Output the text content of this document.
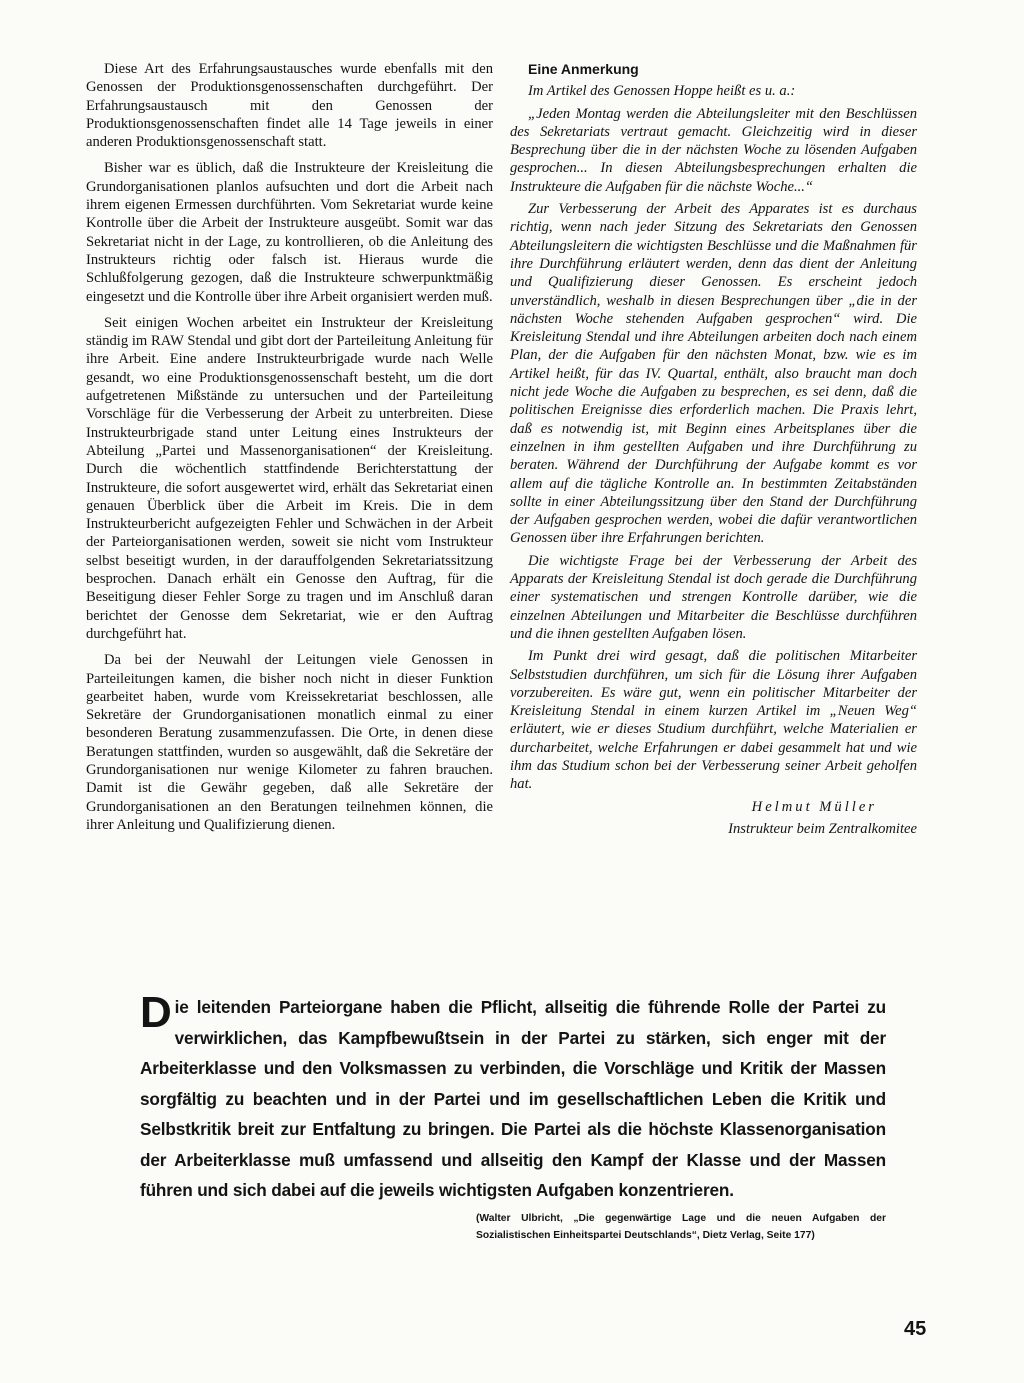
Diese Art des Erfahrungsaustausches wurde ebenfalls mit den Genossen der Produktionsgenossenschaften durchgeführt. Der Erfahrungsaustausch mit den Genossen der Produktionsgenossenschaften findet alle 14 Tage jeweils in einer anderen Produktionsgenossenschaft statt.

Bisher war es üblich, daß die Instrukteure der Kreisleitung die Grundorganisationen planlos aufsuchten und dort die Arbeit nach ihrem eigenen Ermessen durchführten. Vom Sekretariat wurde keine Kontrolle über die Arbeit der Instrukteure ausgeübt. Somit war das Sekretariat nicht in der Lage, zu kontrollieren, ob die Anleitung des Instrukteurs richtig oder falsch ist. Hieraus wurde die Schlußfolgerung gezogen, daß die Instrukteure schwerpunktmäßig eingesetzt und die Kontrolle über ihre Arbeit organisiert werden muß.

Seit einigen Wochen arbeitet ein Instrukteur der Kreisleitung ständig im RAW Stendal und gibt dort der Parteileitung Anleitung für ihre Arbeit. Eine andere Instrukteurbrigade wurde nach Welle gesandt, wo eine Produktionsgenossenschaft besteht, um die dort aufgetretenen Mißstände zu untersuchen und der Parteileitung Vorschläge für die Verbesserung der Arbeit zu unterbreiten. Diese Instrukteurbrigade stand unter Leitung eines Instrukteurs der Abteilung „Partei und Massenorganisationen“ der Kreisleitung. Durch die wöchentlich stattfindende Berichterstattung der Instrukteure, die sofort ausgewertet wird, erhält das Sekretariat einen genauen Überblick über die Arbeit im Kreis. Die in dem Instrukteurbericht aufgezeigten Fehler und Schwächen in der Arbeit der Parteiorganisationen werden, soweit sie nicht vom Instrukteur selbst beseitigt wurden, in der darauffolgenden Sekretariatssitzung besprochen. Danach erhält ein Genosse den Auftrag, für die Beseitigung dieser Fehler Sorge zu tragen und im Anschluß daran berichtet der Genosse dem Sekretariat, wie er den Auftrag durchgeführt hat.

Da bei der Neuwahl der Leitungen viele Genossen in Parteileitungen kamen, die bisher noch nicht in dieser Funktion gearbeitet haben, wurde vom Kreissekretariat beschlossen, alle Sekretäre der Grundorganisationen monatlich einmal zu einer besonderen Beratung zusammenzufassen. Die Orte, in denen diese Beratungen stattfinden, wurden so ausgewählt, daß die Sekretäre der Grundorganisationen nur wenige Kilometer zu fahren brauchen. Damit ist die Gewähr gegeben, daß alle Sekretäre der Grundorganisationen an den Beratungen teilnehmen können, die ihrer Anleitung und Qualifizierung dienen.

Eine Anmerkung

Im Artikel des Genossen Hoppe heißt es u. a.:

„Jeden Montag werden die Abteilungsleiter mit den Beschlüssen des Sekretariats vertraut gemacht. Gleichzeitig wird in dieser Besprechung über die in der nächsten Woche zu lösenden Aufgaben gesprochen... In diesen Abteilungsbesprechungen erhalten die Instrukteure die Aufgaben für die nächste Woche...“

Zur Verbesserung der Arbeit des Apparates ist es durchaus richtig, wenn nach jeder Sitzung des Sekretariats den Genossen Abteilungsleitern die wichtigsten Beschlüsse und die Maßnahmen für ihre Durchführung erläutert werden, denn das dient der Anleitung und Qualifizierung dieser Genossen. Es erscheint jedoch unverständlich, weshalb in diesen Besprechungen über „die in der nächsten Woche stehenden Aufgaben gesprochen“ wird. Die Kreisleitung Stendal und ihre Abteilungen arbeiten doch nach einem Plan, der die Aufgaben für den nächsten Monat, bzw. wie es im Artikel heißt, für das IV. Quartal, enthält, also braucht man doch nicht jede Woche die Aufgaben zu besprechen, es sei denn, daß die politischen Ereignisse dies erforderlich machen. Die Praxis lehrt, daß es notwendig ist, mit Beginn eines Arbeitsplanes über die einzelnen in ihm gestellten Aufgaben und ihre Durchführung zu beraten. Während der Durchführung der Aufgabe kommt es vor allem auf die tägliche Kontrolle an. In bestimmten Zeitabständen sollte in einer Abteilungssitzung über den Stand der Durchführung der Aufgaben gesprochen werden, wobei die dafür verantwortlichen Genossen über ihre Erfahrungen berichten.

Die wichtigste Frage bei der Verbesserung der Arbeit des Apparats der Kreisleitung Stendal ist doch gerade die Durchführung einer systematischen und strengen Kontrolle darüber, wie die einzelnen Abteilungen und Mitarbeiter die Beschlüsse durchführen und die ihnen gestellten Aufgaben lösen.

Im Punkt drei wird gesagt, daß die politischen Mitarbeiter Selbststudien durchführen, um sich für die Lösung ihrer Aufgaben vorzubereiten. Es wäre gut, wenn ein politischer Mitarbeiter der Kreisleitung Stendal in einem kurzen Artikel im „Neuen Weg“ erläutert, wie er dieses Studium durchführt, welche Materialien er durcharbeitet, welche Erfahrungen er dabei gesammelt hat und wie ihm das Studium schon bei der Verbesserung seiner Arbeit geholfen hat.

Helmut Müller

Instrukteur beim Zentralkomitee

Die leitenden Parteiorgane haben die Pflicht, allseitig die führende Rolle der Partei zu verwirklichen, das Kampfbewußtsein in der Partei zu stärken, sich enger mit der Arbeiterklasse und den Volksmassen zu verbinden, die Vorschläge und Kritik der Massen sorgfältig zu beachten und in der Partei und im gesellschaftlichen Leben die Kritik und Selbstkritik breit zur Entfaltung zu bringen. Die Partei als die höchste Klassenorganisation der Arbeiterklasse muß umfassend und allseitig den Kampf der Klasse und der Massen führen und sich dabei auf die jeweils wichtigsten Aufgaben konzentrieren.
(Walter Ulbricht, „Die gegenwärtige Lage und die neuen Aufgaben der Sozialistischen Einheitspartei Deutschlands“, Dietz Verlag, Seite 177)
45
